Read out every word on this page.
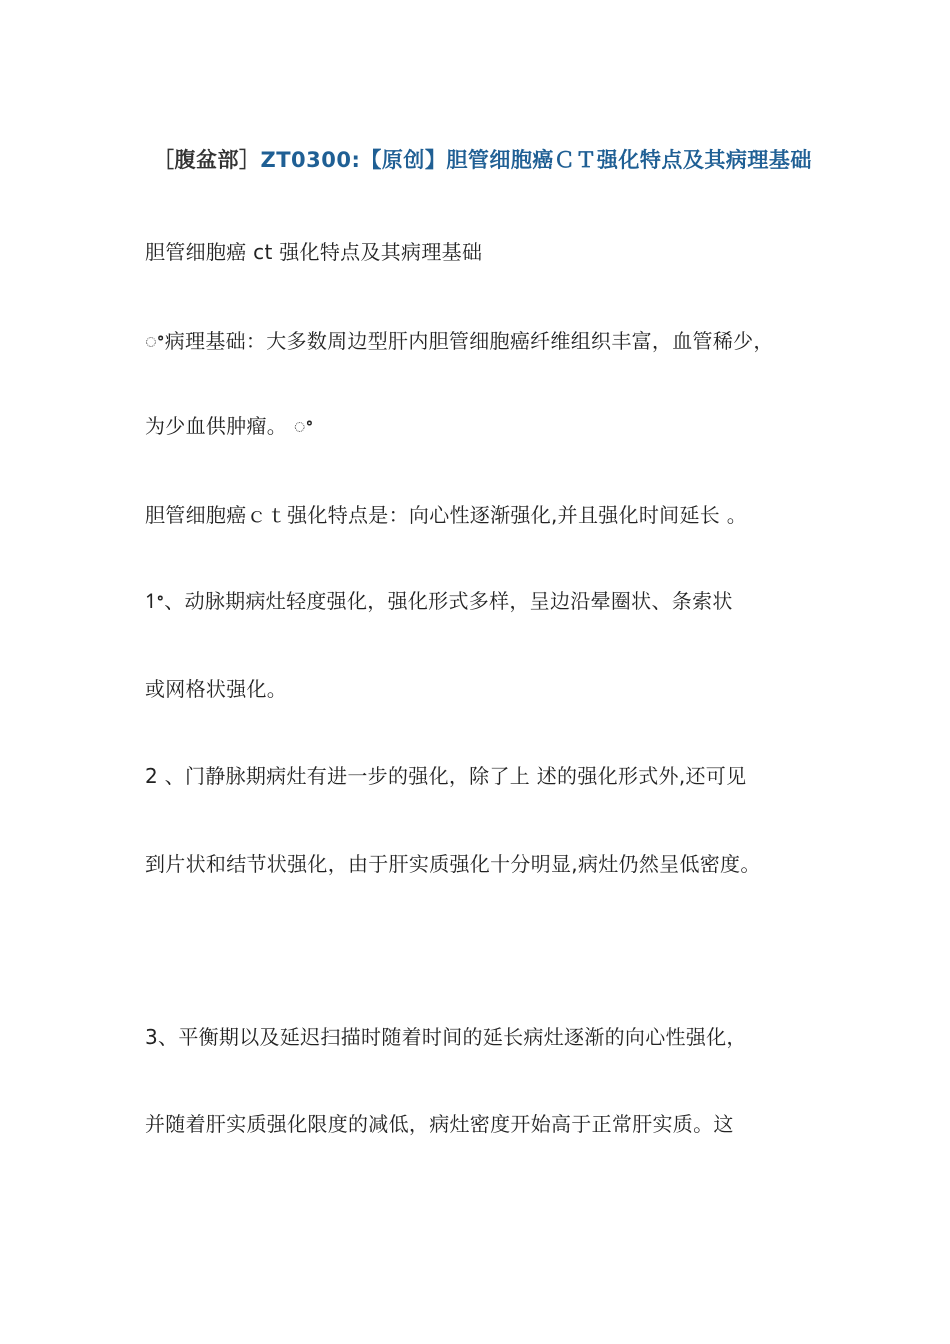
［腹盆部］ZT0300:【原创】胆管细胞癌ＣＴ强化特点及其病理基础
胆管细胞癌 ct 强化特点及其病理基础
ꢀ病理基础：大多数周边型肝内胆管细胞癌纤维组织丰富，血管稀少，
为少血供肿瘤。 ꢀ
胆管细胞癌ｃｔ强化特点是：向心性逐渐强化,并且强化时间延长 。
1ꢀ、动脉期病灶轻度强化，强化形式多样，呈边沿晕圈状、条索状
或网格状强化。
2 、门静脉期病灶有进一步的强化，除了上 述的强化形式外,还可见
到片状和结节状强化，由于肝实质强化十分明显,病灶仍然呈低密度。
3、平衡期以及延迟扫描时随着时间的延长病灶逐渐的向心性强化，
并随着肝实质强化限度的减低，病灶密度开始高于正常肝实质。这
